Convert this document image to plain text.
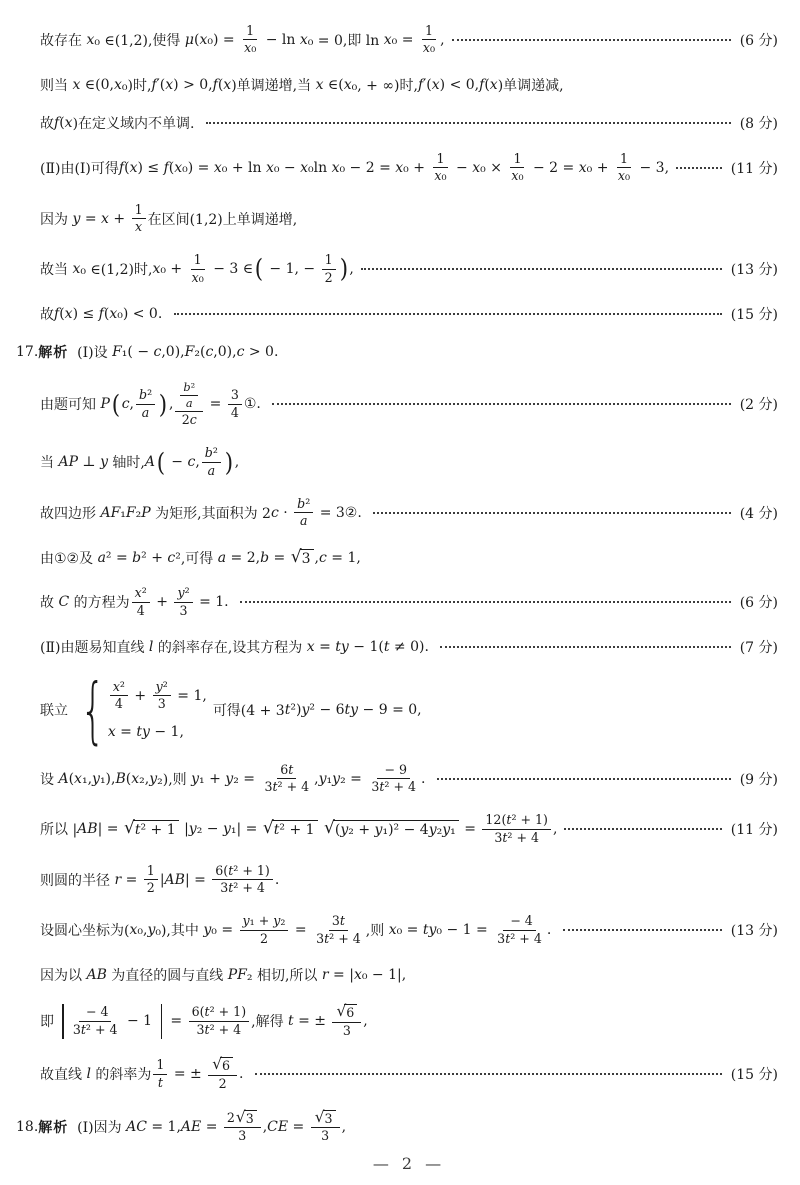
故存在 x ₀ ∈(1,2),使得 μ ( x $_0) = \frac{1}{\text{x ₀}} - \ln x$ ₀ = 0,即 ln x $_0 = \frac{1}{\text{x ₀}}$ ,	(6 分)
则当 x ∈(0, x ₀)时, f ′( x ) > 0, f ( x )单调递增,当 x ∈( x ₀, + ∞)时, f ′( x ) < 0, f ( x )单调递减,
故 f ( x )在定义域内不单调.	(8 分)
(Ⅱ)由(Ⅰ)可得 f ( x ) ≤ f ( x ₀) = x ₀ + ln x ₀ − x ₀ln x ₀ − 2 = x $_0 + \frac{1}{\text{x ₀}} - x$ $_0 \times \frac{1}{\text{x ₀}} - 2 = x$ $_0 + \frac{1}{\text{x ₀}} - 3$,	(11 分)
因为 $y = x + \frac{1}{x}$ 在区间(1,2)上单调递增,
故当 x ₀ ∈(1,2)时, x $_0 + \frac{1}{\text{x ₀}} - 3$ ∈ ( − 1, − $\frac{1}{2}$ ) ,	(13 分)
故 f ( x ) ≤ f ( x ₀) < 0.	(15 分)
17. 解析 (Ⅰ)设 F ₁( − c ,0), F ₂( c ,0), c > 0.
由题可知 P ( c , $\frac{\text{b ²}}{a}$ ) , $\frac{\frac{\text{b ²}}{a}}{2 c} = \frac{3}{4}$ ①.	(2 分)
当 AP ⊥ y 轴时, A ( − c , $\frac{\text{b ²}}{a}$ ) ,
故四边形 AF ₁ F ₂ P 为矩形,其面积为 2 $c \cdot \frac{\text{b ²}}{a}$ = 3②.	(4 分)
由①②及 a ² = b ² + c ²,可得 a = 2, b = √ 3 , c = 1,
故 C 的方程为 $\frac{\text{x ²}}{4} + \frac{\text{y ²}}{3} = 1$.	(6 分)
(Ⅱ)由题易知直线 l 的斜率存在,设其方程为 x = ty − 1( t ≠ 0).	(7 分)
联立 { $\frac{\text{x ²}}{4} + \frac{\text{y ²}}{3} = 1$,
x = ty − 1,
可得(4 + 3 t ²) y ² − 6 ty − 9 = 0,
设 A ( x ₁, y ₁), B ( x ₂, y ₂),则 y ₁ + y $_2 = \frac{6 t}{\text{3 t ² + 4}}$ , y ₁ y $_2 = \frac{- 9}{\text{3 t ² + 4}}$ .	(9 分)
所以 | AB | = √ t ² + 1 | y ₂ − y ₁| = √ t ² + 1
√ ( y ₂ + y ₁)² − 4 y ₂ y $_1 = \frac{\text{12( t ² + 1)}}{\text{3 t ² + 4}}$ ,	(11 分)
则圆的半径 $r = \frac{1}{2}$ | AB | = $\frac{\text{6( t ² + 1)}}{\text{3 t ² + 4}}$ .
设圆心坐标为( x ₀, y ₀),其中 y $_0 = \frac{\text{y ₁ + y ₂}}{2} = \frac{3 t}{\text{3 t ² + 4}}$ ,则 x ₀ = ty $_0 - 1 = \frac{- 4}{\text{3 t ² + 4}}$ .	(13 分)
因为以 AB 为直径的圆与直线 PF ₂ 相切,所以 r = | x ₀ − 1|,
即 $\frac{- 4}{\text{3 t ² + 4}} - 1 = \frac{\text{6( t ² + 1)}}{\text{3 t ² + 4}}$ ,解得 t = ± $\frac{√ 6}{3}$ ,
故直线 l 的斜率为 $\frac{1}{t}$ = ± $\frac{√ 6}{2}$ .	(15 分)
18. 解析 (Ⅰ)因为 AC = 1, AE = $\frac{2 √ 3}{3}$ , CE = $\frac{√ 3}{3}$ ,
— 2 —
